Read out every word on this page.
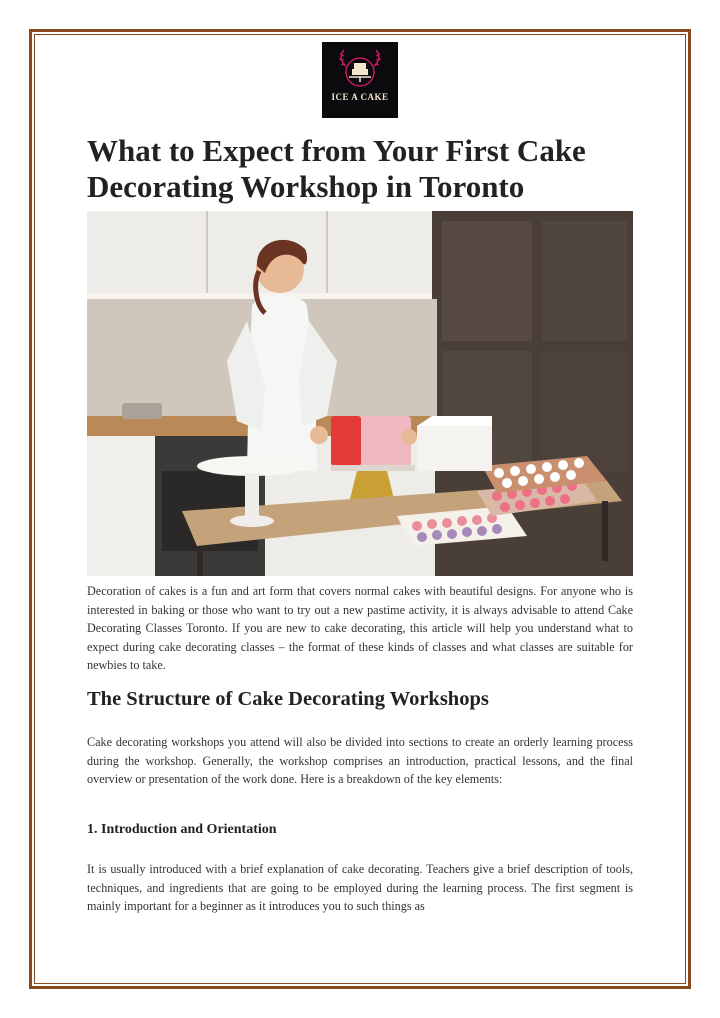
ICE A CAKE
What to Expect from Your First Cake Decorating Workshop in Toronto

Decoration of cakes is a fun and art form that covers normal cakes with beautiful designs. For anyone who is interested in baking or those who want to try out a new pastime activity, it is always advisable to attend Cake Decorating Classes Toronto. If you are new to cake decorating, this article will help you understand what to expect during cake decorating classes – the format of these kinds of classes and what classes are suitable for newbies to take.

The Structure of Cake Decorating Workshops

Cake decorating workshops you attend will also be divided into sections to create an orderly learning process during the workshop. Generally, the workshop comprises an introduction, practical lessons, and the final overview or presentation of the work done. Here is a breakdown of the key elements:

1. Introduction and Orientation

It is usually introduced with a brief explanation of cake decorating. Teachers give a brief description of tools, techniques, and ingredients that are going to be employed during the learning process. The first segment is mainly important for a beginner as it introduces you to such things as
